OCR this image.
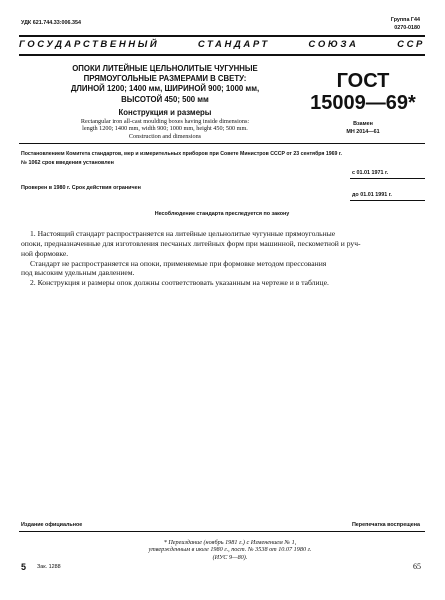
УДК 621.744.33:006.354	Группа Г44
0270-0180
ГОСУДАРСТВЕННЫЙ	СТАНДАРТ	СОЮЗА	ССР
ОПОКИ ЛИТЕЙНЫЕ ЦЕЛЬНОЛИТЫЕ ЧУГУННЫЕ
ПРЯМОУГОЛЬНЫЕ РАЗМЕРАМИ В СВЕТУ:
ДЛИНОЙ 1200; 1400 мм, ШИРИНОЙ 900; 1000 мм,
ВЫСОТОЙ 450; 500 мм
Конструкция и размеры
Rectangular iron all-cast moulding boxes having inside dimensions:
length 1200; 1400 mm, width 900; 1000 mm, height 450; 500 mm.
Construction and dimensions
ГОСТ
15009—69*
Взамен
МН 2014—61
Постановлением Комитета стандартов, мер и измерительных приборов при Совете Министров СССР от 23 сентября 1969 г.
№ 1062 срок введения установлен
с 01.01 1971 г.
Проверен в 1980 г. Срок действия ограничен
до 01.01 1991 г.
Несоблюдение стандарта преследуется по закону
1. Настоящий стандарт распространяется на литейные цельнолитые чугунные прямоугольные
опоки, предназначенные для изготовления песчаных литейных форм при машинной, пескометной и руч-
ной формовке.
Стандарт не распространяется на опоки, применяемые при формовке методом прессования
под высоким удельным давлением.
2. Конструкция и размеры опок должны соответствовать указанным на чертеже и в таблице.
Издание официальное	Перепечатка воспрещена
* Переиздание (ноябрь 1981 г.) с Изменением № 1,
утвержденным в июле 1980 г., пост. № 3538 от 10.07 1980 г.
(ИУС 9—80).
5 Зак. 1288	65
